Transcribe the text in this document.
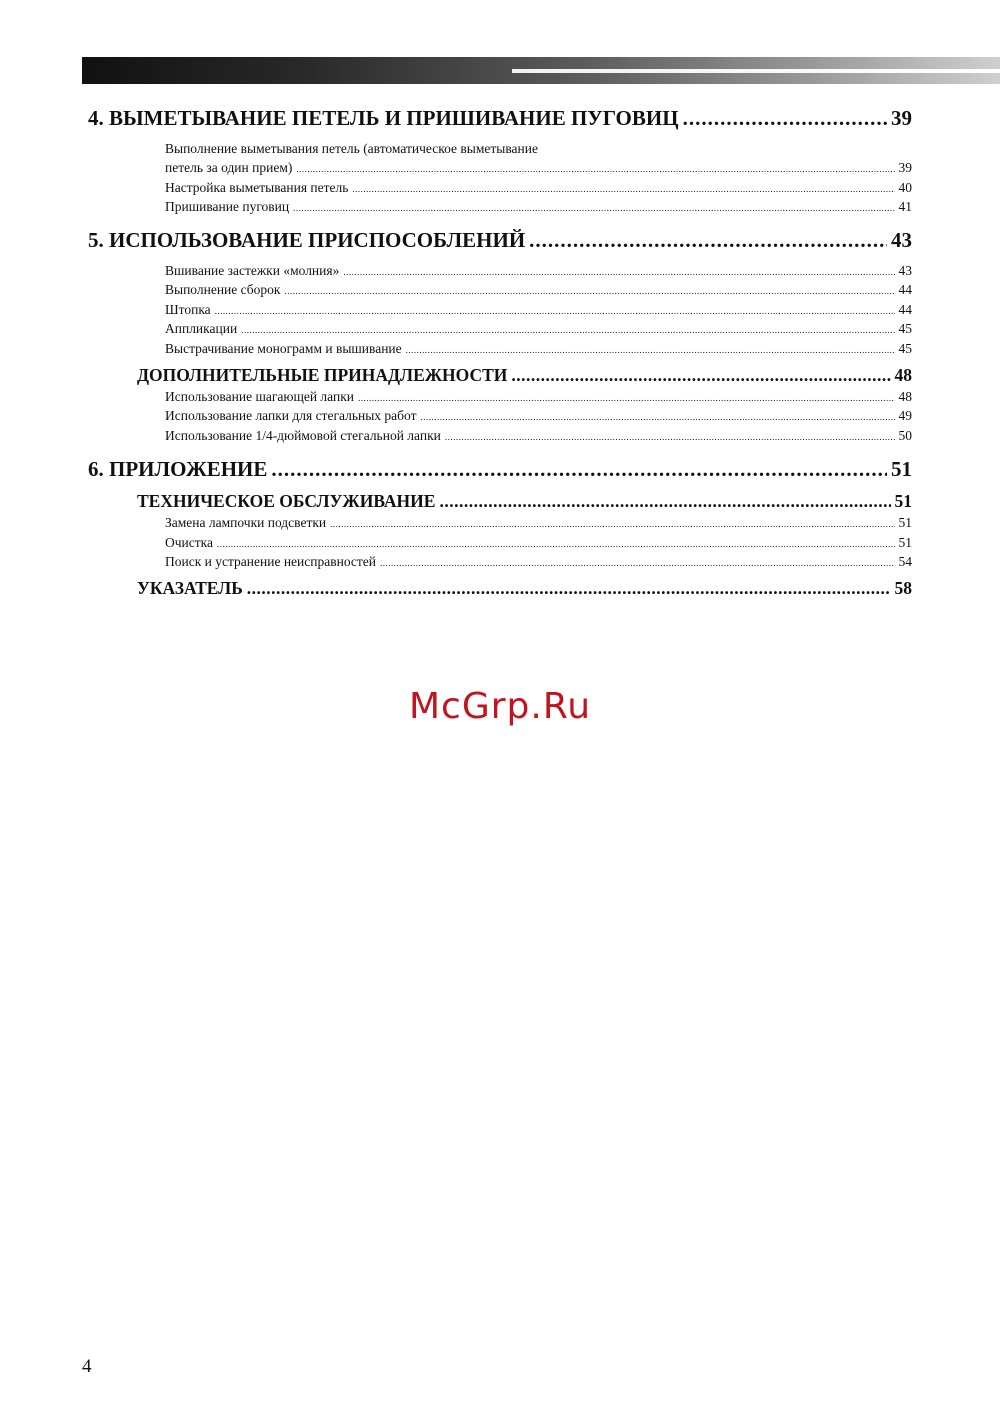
4. ВЫМЕТЫВАНИЕ ПЕТЕЛЬ И ПРИШИВАНИЕ ПУГОВИЦ .....	39
Выполнение выметывания петель (автоматическое выметывание
петель за один прием) .....	39
Настройка выметывания петель .....	40
Пришивание пуговиц .....	41
5. ИСПОЛЬЗОВАНИЕ ПРИСПОСОБЛЕНИЙ .....	43
Вшивание застежки «молния» .....	43
Выполнение сборок .....	44
Штопка .....	44
Аппликации .....	45
Выстрачивание монограмм и вышивание .....	45
ДОПОЛНИТЕЛЬНЫЕ ПРИНАДЛЕЖНОСТИ .....	48
Использование шагающей лапки .....	48
Использование лапки для стегальных работ .....	49
Использование 1/4-дюймовой стегальной лапки .....	50
6. ПРИЛОЖЕНИЕ .....	51
ТЕХНИЧЕСКОЕ ОБСЛУЖИВАНИЕ .....	51
Замена лампочки подсветки .....	51
Очистка .....	51
Поиск и устранение неисправностей .....	54
УКАЗАТЕЛЬ .....	58
McGrp.Ru
4
